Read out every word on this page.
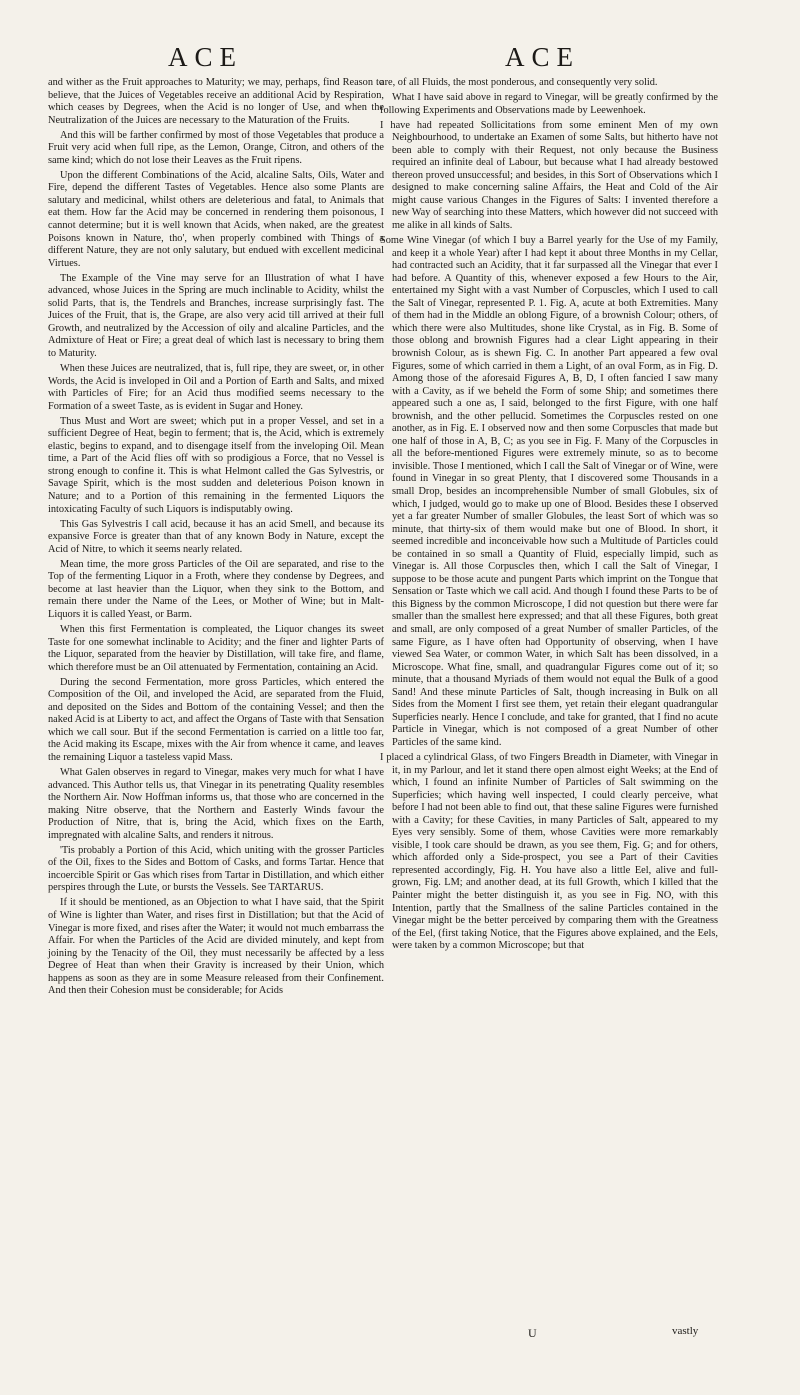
ACE	ACE

and wither as the Fruit approaches to Maturity; we may, perhaps, find Reason to believe, that the Juices of Vegetables receive an additional Acid by Respiration, which ceases by Degrees, when the Acid is no longer of Use, and when the Neutralization of the Juices are necessary to the Maturation of the Fruits.

And this will be farther confirmed by most of those Vegetables that produce a Fruit very acid when full ripe, as the Lemon, Orange, Citron, and others of the same kind; which do not lose their Leaves as the Fruit ripens.

Upon the different Combinations of the Acid, alcaline Salts, Oils, Water and Fire, depend the different Tastes of Vegetables. Hence also some Plants are salutary and medicinal, whilst others are deleterious and fatal, to Animals that eat them. How far the Acid may be concerned in rendering them poisonous, I cannot determine; but it is well known that Acids, when naked, are the greatest Poisons known in Nature, tho', when properly combined with Things of a different Nature, they are not only salutary, but endued with excellent medicinal Virtues.

The Example of the Vine may serve for an Illustration of what I have advanced, whose Juices in the Spring are much inclinable to Acidity, whilst the solid Parts, that is, the Tendrels and Branches, increase surprisingly fast. The Juices of the Fruit, that is, the Grape, are also very acid till arrived at their full Growth, and neutralized by the Accession of oily and alcaline Particles, and the Admixture of Heat or Fire; a great deal of which last is necessary to bring them to Maturity.

When these Juices are neutralized, that is, full ripe, they are sweet, or, in other Words, the Acid is inveloped in Oil and a Portion of Earth and Salts, and mixed with Particles of Fire; for an Acid thus modified seems necessary to the Formation of a sweet Taste, as is evident in Sugar and Honey.

Thus Must and Wort are sweet; which put in a proper Vessel, and set in a sufficient Degree of Heat, begin to ferment; that is, the Acid, which is extremely elastic, begins to expand, and to disengage itself from the inveloping Oil. Mean time, a Part of the Acid flies off with so prodigious a Force, that no Vessel is strong enough to confine it. This is what Helmont called the Gas Sylvestris, or Savage Spirit, which is the most sudden and deleterious Poison known in Nature; and to a Portion of this remaining in the fermented Liquors the intoxicating Faculty of such Liquors is indisputably owing.

This Gas Sylvestris I call acid, because it has an acid Smell, and because its expansive Force is greater than that of any known Body in Nature, except the Acid of Nitre, to which it seems nearly related.

Mean time, the more gross Particles of the Oil are separated, and rise to the Top of the fermenting Liquor in a Froth, where they condense by Degrees, and become at last heavier than the Liquor, when they sink to the Bottom, and remain there under the Name of the Lees, or Mother of Wine; but in Malt-Liquors it is called Yeast, or Barm.

When this first Fermentation is compleated, the Liquor changes its sweet Taste for one somewhat inclinable to Acidity; and the finer and lighter Parts of the Liquor, separated from the heavier by Distillation, will take fire, and flame, which therefore must be an Oil attenuated by Fermentation, containing an Acid.

During the second Fermentation, more gross Particles, which entered the Composition of the Oil, and inveloped the Acid, are separated from the Fluid, and deposited on the Sides and Bottom of the containing Vessel; and then the naked Acid is at Liberty to act, and affect the Organs of Taste with that Sensation which we call sour. But if the second Fermentation is carried on a little too far, the Acid making its Escape, mixes with the Air from whence it came, and leaves the remaining Liquor a tasteless vapid Mass.

What Galen observes in regard to Vinegar, makes very much for what I have advanced. This Author tells us, that Vinegar in its penetrating Quality resembles the Northern Air. Now Hoffman informs us, that those who are concerned in the making Nitre observe, that the Northern and Easterly Winds favour the Production of Nitre, that is, bring the Acid, which fixes on the Earth, impregnated with alcaline Salts, and renders it nitrous.

'Tis probably a Portion of this Acid, which uniting with the grosser Particles of the Oil, fixes to the Sides and Bottom of Casks, and forms Tartar. Hence that incoercible Spirit or Gas which rises from Tartar in Distillation, and which either perspires through the Lute, or bursts the Vessels. See TARTARUS.

If it should be mentioned, as an Objection to what I have said, that the Spirit of Wine is lighter than Water, and rises first in Distillation; but that the Acid of Vinegar is more fixed, and rises after the Water; it would not much embarrass the Affair. For when the Particles of the Acid are divided minutely, and kept from joining by the Tenacity of the Oil, they must necessarily be affected by a less Degree of Heat than when their Gravity is increased by their Union, which happens as soon as they are in some Measure released from their Confinement. And then their Cohesion must be considerable; for Acids

are, of all Fluids, the most ponderous, and consequently very solid.

What I have said above in regard to Vinegar, will be greatly confirmed by the following Experiments and Observations made by Leewenhoek.

I have had repeated Sollicitations from some eminent Men of my own Neighbourhood, to undertake an Examen of some Salts, but hitherto have not been able to comply with their Request, not only because the Business required an infinite deal of Labour, but because what I had already bestowed thereon proved unsuccessful; and besides, in this Sort of Observations which I designed to make concerning saline Affairs, the Heat and Cold of the Air might cause various Changes in the Figures of Salts: I invented therefore a new Way of searching into these Matters, which however did not succeed with me alike in all kinds of Salts.

Some Wine Vinegar (of which I buy a Barrel yearly for the Use of my Family, and keep it a whole Year) after I had kept it about three Months in my Cellar, had contracted such an Acidity, that it far surpassed all the Vinegar that ever I had before. A Quantity of this, whenever exposed a few Hours to the Air, entertained my Sight with a vast Number of Corpuscles, which I used to call the Salt of Vinegar, represented P. 1. Fig. A, acute at both Extremities. Many of them had in the Middle an oblong Figure, of a brownish Colour; others, of which there were also Multitudes, shone like Crystal, as in Fig. B. Some of those oblong and brownish Figures had a clear Light appearing in their brownish Colour, as is shewn Fig. C. In another Part appeared a few oval Figures, some of which carried in them a Light, of an oval Form, as in Fig. D. Among those of the aforesaid Figures A, B, D, I often fancied I saw many with a Cavity, as if we beheld the Form of some Ship; and sometimes there appeared such a one as, I said, belonged to the first Figure, with one half brownish, and the other pellucid. Sometimes the Corpuscles rested on one another, as in Fig. E. I observed now and then some Corpuscles that made but one half of those in A, B, C; as you see in Fig. F. Many of the Corpuscles in all the before-mentioned Figures were extremely minute, so as to become invisible. Those I mentioned, which I call the Salt of Vinegar or of Wine, were found in Vinegar in so great Plenty, that I discovered some Thousands in a small Drop, besides an incomprehensible Number of small Globules, six of which, I judged, would go to make up one of Blood. Besides these I observed yet a far greater Number of smaller Globules, the least Sort of which was so minute, that thirty-six of them would make but one of Blood. In short, it seemed incredible and inconceivable how such a Multitude of Particles could be contained in so small a Quantity of Fluid, especially limpid, such as Vinegar is. All those Corpuscles then, which I call the Salt of Vinegar, I suppose to be those acute and pungent Parts which imprint on the Tongue that Sensation or Taste which we call acid. And though I found these Parts to be of this Bigness by the common Microscope, I did not question but there were far smaller than the smallest here expressed; and that all these Figures, both great and small, are only composed of a great Number of smaller Particles, of the same Figure, as I have often had Opportunity of observing, when I have viewed Sea Water, or common Water, in which Salt has been dissolved, in a Microscope. What fine, small, and quadrangular Figures come out of it; so minute, that a thousand Myriads of them would not equal the Bulk of a good Sand! And these minute Particles of Salt, though increasing in Bulk on all Sides from the Moment I first see them, yet retain their elegant quadrangular Superficies nearly. Hence I conclude, and take for granted, that I find no acute Particle in Vinegar, which is not composed of a great Number of other Particles of the same kind.

I placed a cylindrical Glass, of two Fingers Breadth in Diameter, with Vinegar in it, in my Parlour, and let it stand there open almost eight Weeks; at the End of which, I found an infinite Number of Particles of Salt swimming on the Superficies; which having well inspected, I could clearly perceive, what before I had not been able to find out, that these saline Figures were furnished with a Cavity; for these Cavities, in many Particles of Salt, appeared to my Eyes very sensibly. Some of them, whose Cavities were more remarkably visible, I took care should be drawn, as you see them, Fig. G; and for others, which afforded only a Side-prospect, you see a Part of their Cavities represented accordingly, Fig. H. You have also a little Eel, alive and full-grown, Fig. LM; and another dead, at its full Growth, which I killed that the Painter might the better distinguish it, as you see in Fig. NO, with this Intention, partly that the Smallness of the saline Particles contained in the Vinegar might be the better perceived by comparing them with the Greatness of the Eel, (first taking Notice, that the Figures above explained, and the Eels, were taken by a common Microscope; but that

U	vastly
